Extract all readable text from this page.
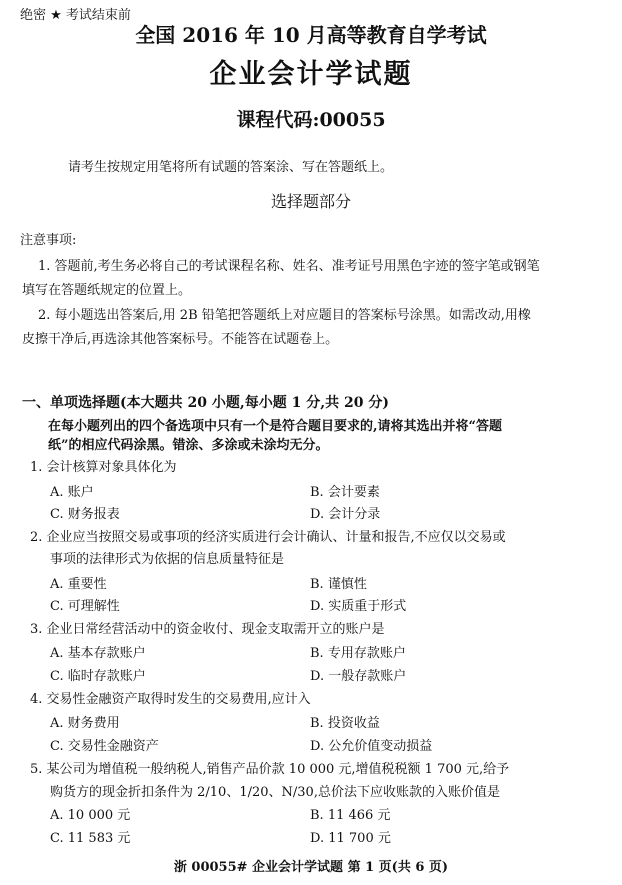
绝密 ★ 考试结束前
全国 2016 年 10 月高等教育自学考试
企业会计学试题
课程代码:00055
请考生按规定用笔将所有试题的答案涂、写在答题纸上。
选择题部分
注意事项:
1. 答题前,考生务必将自己的考试课程名称、姓名、准考证号用黑色字迹的签字笔或钢笔
填写在答题纸规定的位置上。
2. 每小题选出答案后,用 2B 铅笔把答题纸上对应题目的答案标号涂黑。如需改动,用橡
皮擦干净后,再选涂其他答案标号。不能答在试题卷上。
一、单项选择题(本大题共 20 小题,每小题 1 分,共 20 分)
在每小题列出的四个备选项中只有一个是符合题目要求的,请将其选出并将“答题
纸”的相应代码涂黑。错涂、多涂或未涂均无分。
1. 会计核算对象具体化为
A. 账户	B. 会计要素
C. 财务报表	D. 会计分录
2. 企业应当按照交易或事项的经济实质进行会计确认、计量和报告,不应仅以交易或
事项的法律形式为依据的信息质量特征是
A. 重要性	B. 谨慎性
C. 可理解性	D. 实质重于形式
3. 企业日常经营活动中的资金收付、现金支取需开立的账户是
A. 基本存款账户	B. 专用存款账户
C. 临时存款账户	D. 一般存款账户
4. 交易性金融资产取得时发生的交易费用,应计入
A. 财务费用	B. 投资收益
C. 交易性金融资产	D. 公允价值变动损益
5. 某公司为增值税一般纳税人,销售产品价款 10 000 元,增值税税额 1 700 元,给予
购货方的现金折扣条件为 2/10、1/20、N/30,总价法下应收账款的入账价值是
A. 10 000 元	B. 11 466 元
C. 11 583 元	D. 11 700 元
浙 00055# 企业会计学试题 第 1 页(共 6 页)
